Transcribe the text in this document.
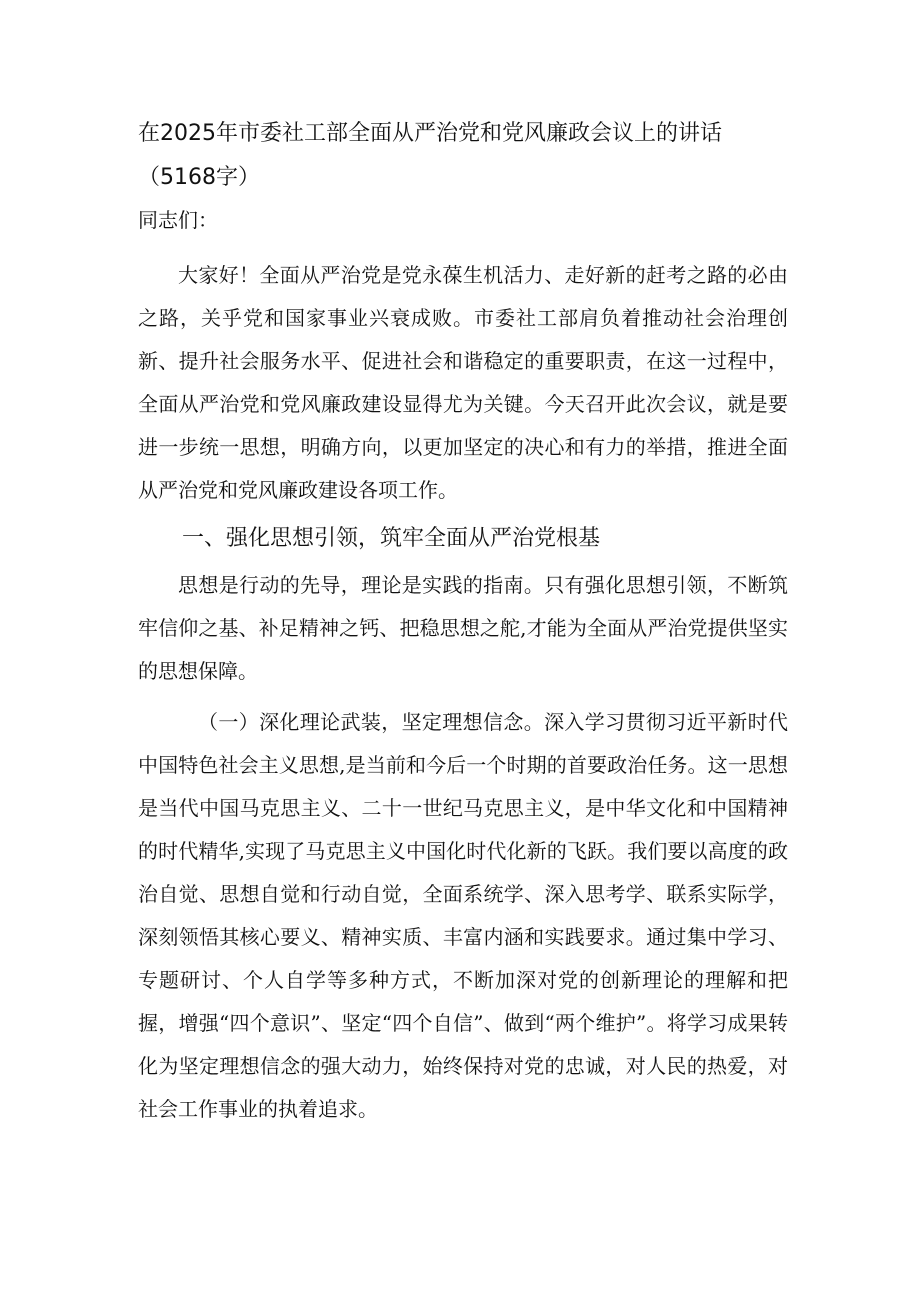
在2025年市委社工部全面从严治党和党风廉政会议上的讲话（5168字）

同志们：

大家好！全面从严治党是党永葆生机活力、走好新的赶考之路的必由之路，关乎党和国家事业兴衰成败。市委社工部肩负着推动社会治理创新、提升社会服务水平、促进社会和谐稳定的重要职责，在这一过程中，全面从严治党和党风廉政建设显得尤为关键。今天召开此次会议，就是要进一步统一思想，明确方向，以更加坚定的决心和有力的举措，推进全面从严治党和党风廉政建设各项工作。

一、强化思想引领，筑牢全面从严治党根基

思想是行动的先导，理论是实践的指南。只有强化思想引领，不断筑牢信仰之基、补足精神之钙、把稳思想之舵,才能为全面从严治党提供坚实的思想保障。

（一）深化理论武装，坚定理想信念。深入学习贯彻习近平新时代中国特色社会主义思想,是当前和今后一个时期的首要政治任务。这一思想是当代中国马克思主义、二十一世纪马克思主义，是中华文化和中国精神的时代精华,实现了马克思主义中国化时代化新的飞跃。我们要以高度的政治自觉、思想自觉和行动自觉，全面系统学、深入思考学、联系实际学，深刻领悟其核心要义、精神实质、丰富内涵和实践要求。通过集中学习、专题研讨、个人自学等多种方式，不断加深对党的创新理论的理解和把握，增强“四个意识”、坚定“四个自信”、做到“两个维护”。将学习成果转化为坚定理想信念的强大动力，始终保持对党的忠诚，对人民的热爱，对社会工作事业的执着追求。
